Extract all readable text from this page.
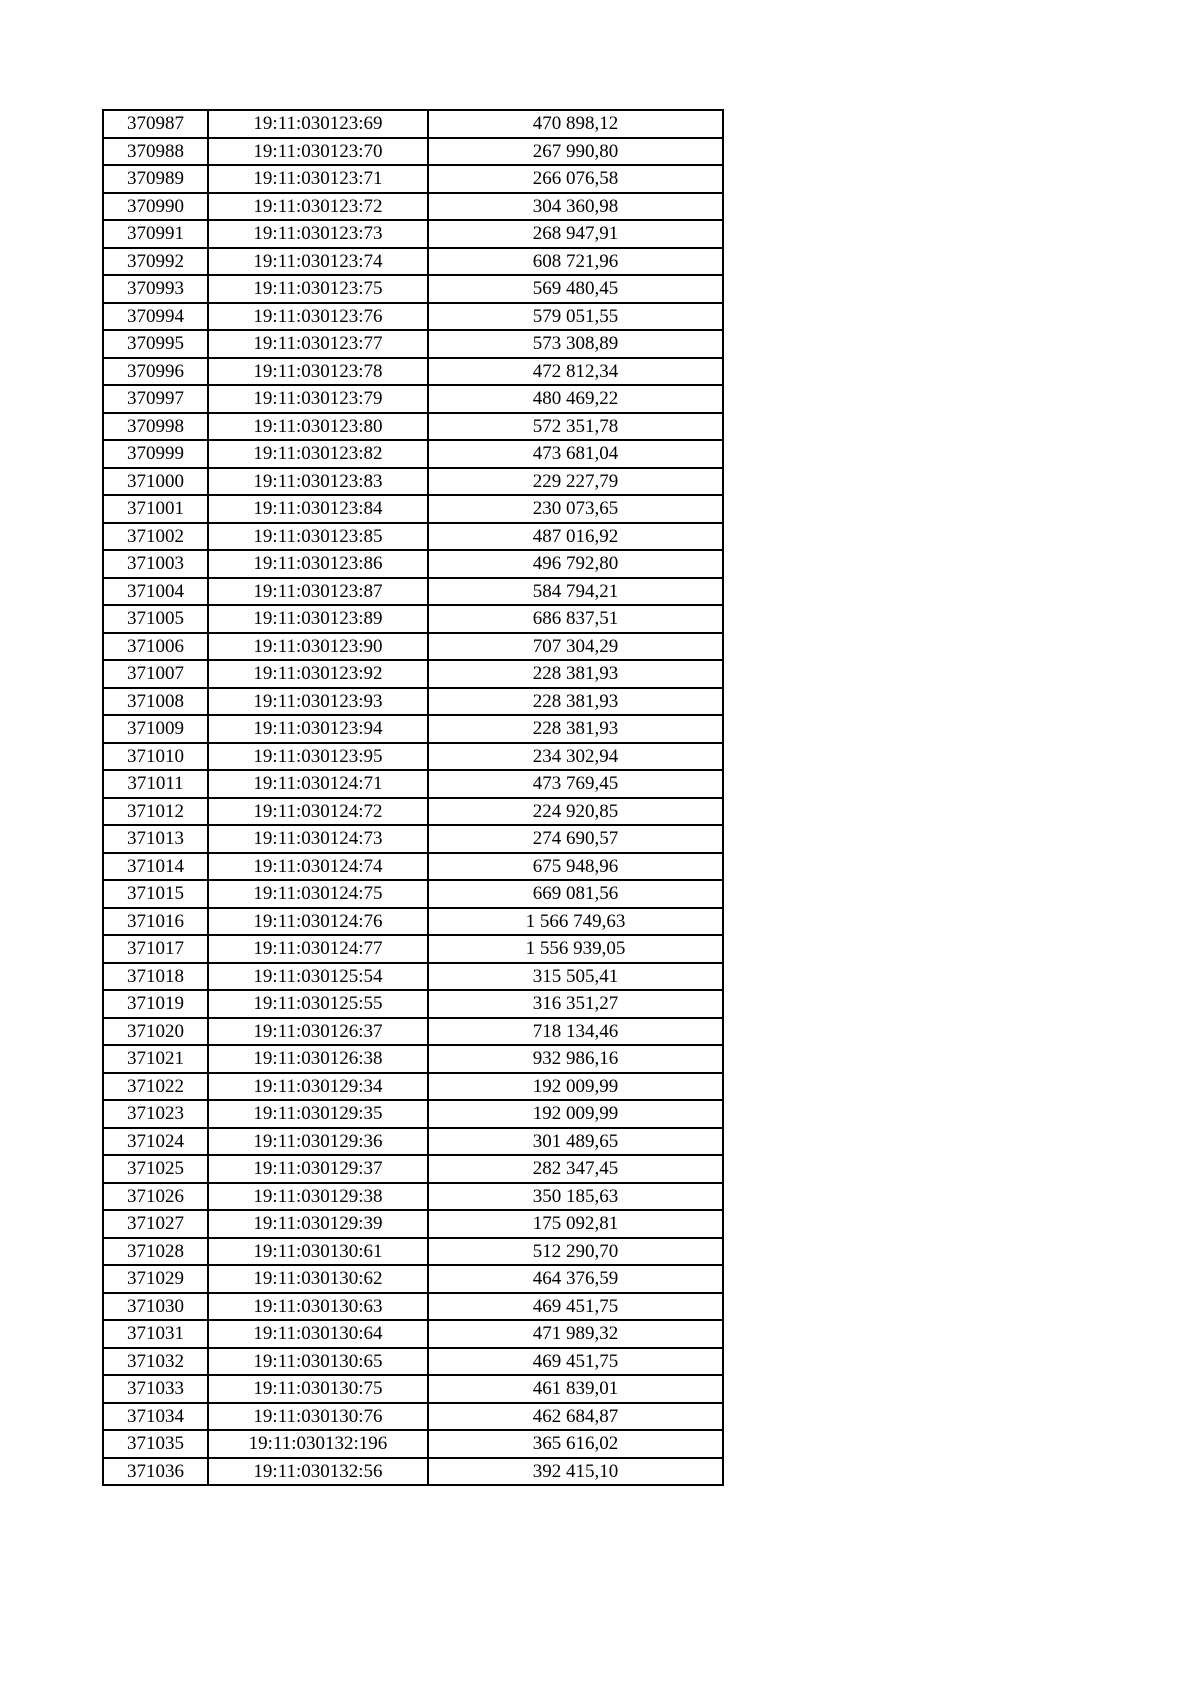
370987	19:11:030123:69	470 898,12
370988	19:11:030123:70	267 990,80
370989	19:11:030123:71	266 076,58
370990	19:11:030123:72	304 360,98
370991	19:11:030123:73	268 947,91
370992	19:11:030123:74	608 721,96
370993	19:11:030123:75	569 480,45
370994	19:11:030123:76	579 051,55
370995	19:11:030123:77	573 308,89
370996	19:11:030123:78	472 812,34
370997	19:11:030123:79	480 469,22
370998	19:11:030123:80	572 351,78
370999	19:11:030123:82	473 681,04
371000	19:11:030123:83	229 227,79
371001	19:11:030123:84	230 073,65
371002	19:11:030123:85	487 016,92
371003	19:11:030123:86	496 792,80
371004	19:11:030123:87	584 794,21
371005	19:11:030123:89	686 837,51
371006	19:11:030123:90	707 304,29
371007	19:11:030123:92	228 381,93
371008	19:11:030123:93	228 381,93
371009	19:11:030123:94	228 381,93
371010	19:11:030123:95	234 302,94
371011	19:11:030124:71	473 769,45
371012	19:11:030124:72	224 920,85
371013	19:11:030124:73	274 690,57
371014	19:11:030124:74	675 948,96
371015	19:11:030124:75	669 081,56
371016	19:11:030124:76	1 566 749,63
371017	19:11:030124:77	1 556 939,05
371018	19:11:030125:54	315 505,41
371019	19:11:030125:55	316 351,27
371020	19:11:030126:37	718 134,46
371021	19:11:030126:38	932 986,16
371022	19:11:030129:34	192 009,99
371023	19:11:030129:35	192 009,99
371024	19:11:030129:36	301 489,65
371025	19:11:030129:37	282 347,45
371026	19:11:030129:38	350 185,63
371027	19:11:030129:39	175 092,81
371028	19:11:030130:61	512 290,70
371029	19:11:030130:62	464 376,59
371030	19:11:030130:63	469 451,75
371031	19:11:030130:64	471 989,32
371032	19:11:030130:65	469 451,75
371033	19:11:030130:75	461 839,01
371034	19:11:030130:76	462 684,87
371035	19:11:030132:196	365 616,02
371036	19:11:030132:56	392 415,10
